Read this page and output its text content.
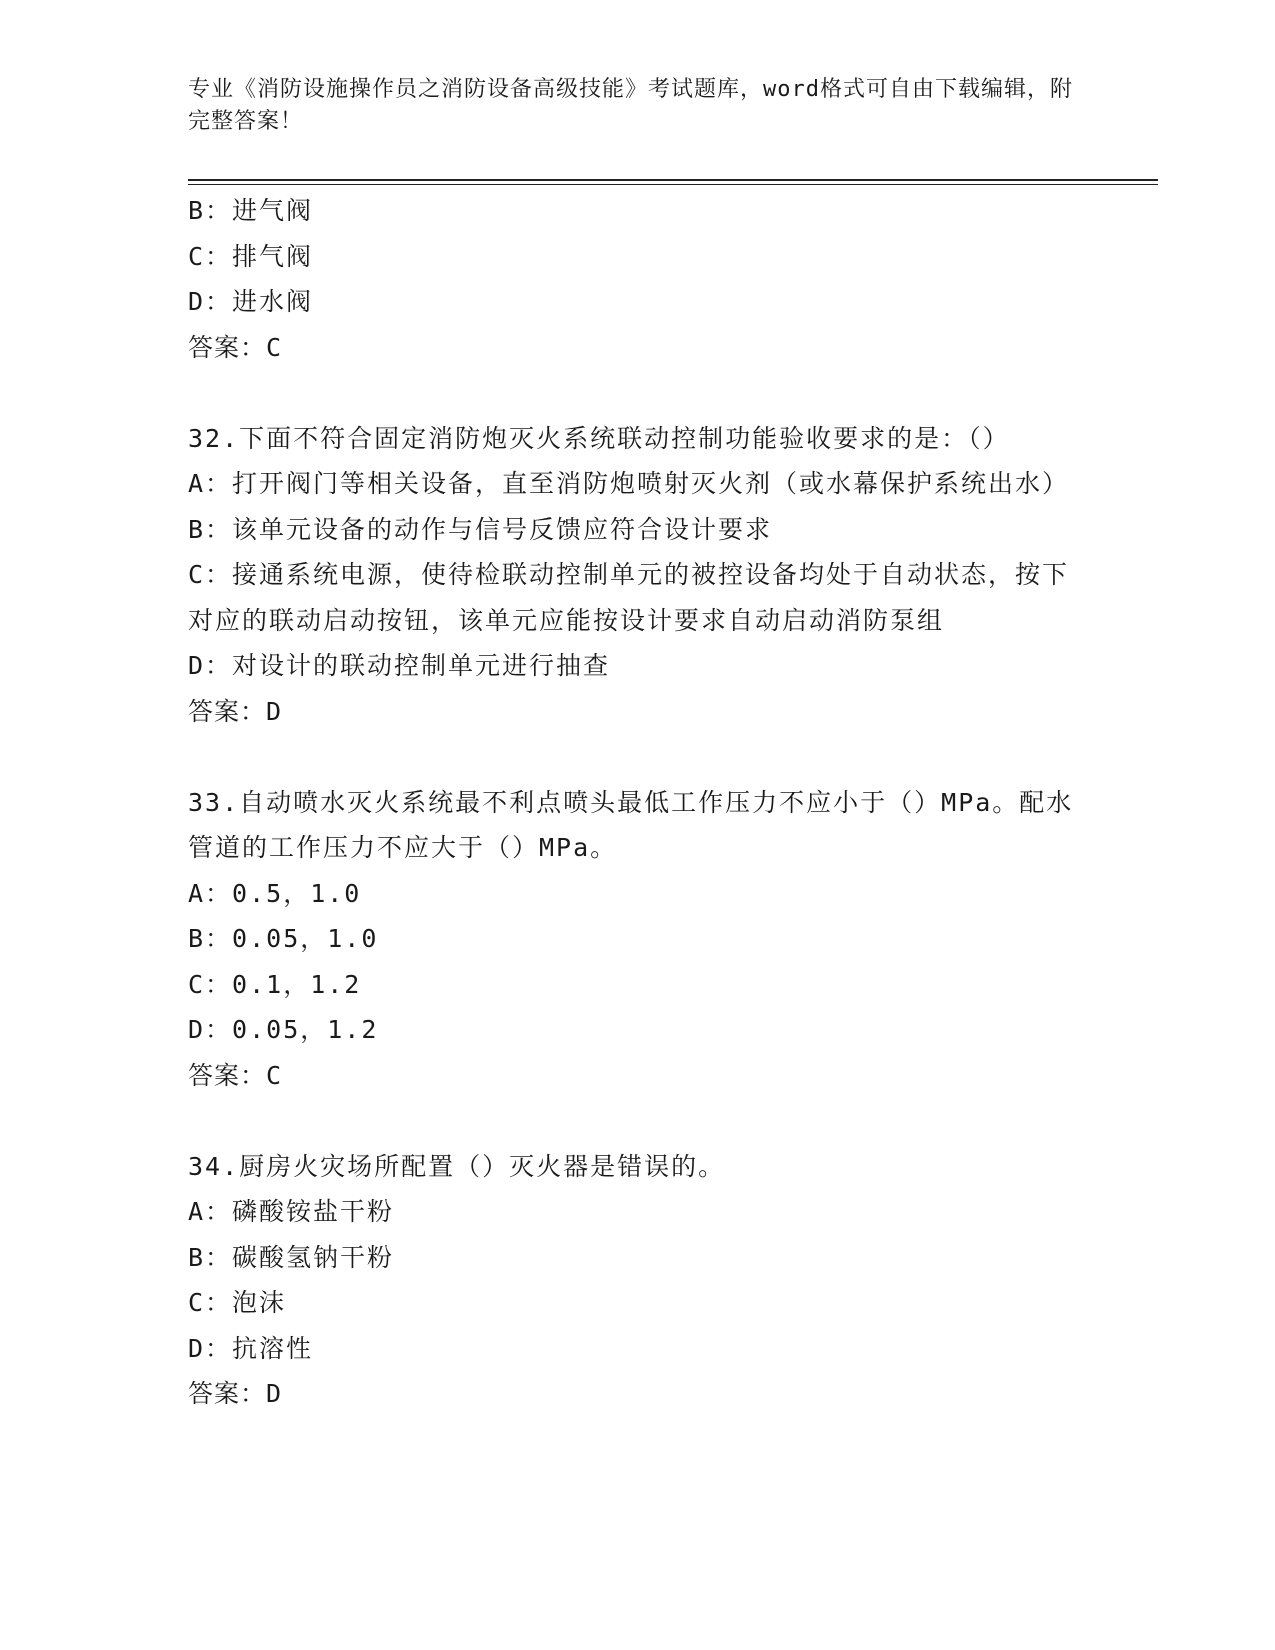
专业《消防设施操作员之消防设备高级技能》考试题库，word格式可自由下载编辑，附完整答案！
B：进气阀
C：排气阀
D：进水阀
答案：C
32.下面不符合固定消防炮灭火系统联动控制功能验收要求的是：（）
A：打开阀门等相关设备，直至消防炮喷射灭火剂（或水幕保护系统出水）
B：该单元设备的动作与信号反馈应符合设计要求
C：接通系统电源，使待检联动控制单元的被控设备均处于自动状态，按下对应的联动启动按钮，该单元应能按设计要求自动启动消防泵组
D：对设计的联动控制单元进行抽查
答案：D
33.自动喷水灭火系统最不利点喷头最低工作压力不应小于（）MPa。配水管道的工作压力不应大于（）MPa。
A：0.5，1.0
B：0.05，1.0
C：0.1，1.2
D：0.05，1.2
答案：C
34.厨房火灾场所配置（）灭火器是错误的。
A：磷酸铵盐干粉
B：碳酸氢钠干粉
C：泡沫
D：抗溶性
答案：D
